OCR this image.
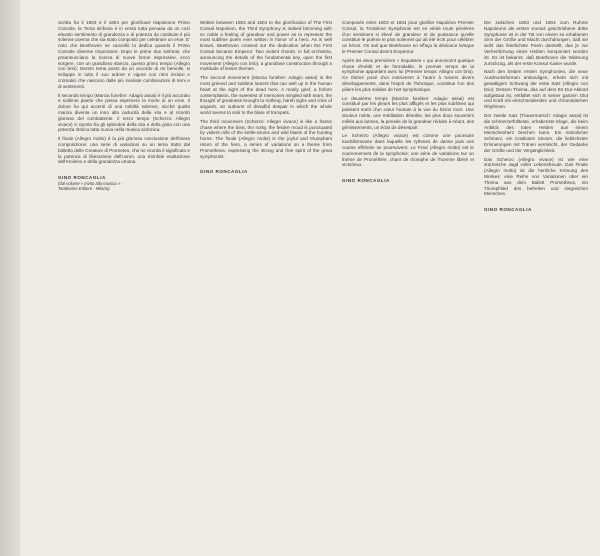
Scritta fra il 1803 e il 1804 per glorificare Napoleone Primo Console, la Terza sinfonia è in verità tutta pervasa da un così elevato sentimento di grandezza e di potenza da costituire il più solenne poema che sia stato composto per celebrare un eroe. E' noto che Beethoven ne cancellò la dedica quando il Primo Console divenne Imperatore. Dopo le prime due sinfonie, che preannunciano la ricerca di nuove forme espressive, ecco sorgere, con un grandioso slancio, questo primo tempo (Allegro con brio): Dentro tema posto da un accordo di mi bemolle, si sviluppa in tutto il suo ardore e vigore con ritmi incisivi e cromatici che nascono dalle più svariate combinazioni di temi e di sentimenti.

Il secondo tempo (Marcia funebre: Adagio assai) è il più accorato e sublime pianto che possa esprimere la morte di un eroe. Il dolore ha qui accenti di una nobiltà solenne, sicché quella marcia diventa un inno alla caducità della vita e al ricordo glorioso del combattente. Il terzo tempo (Scherzo: Allegro vivace) ci riporta fra gli splendori della vita e della gioia con una potenza ritmica tutta nuova nella musica sinfonica.

Il finale (Allegro molto) è la più gloriosa conclusione dell'intera composizione: una serie di variazioni su un tema tratto dal balletto delle Creature di Prometeo, che ne ricorda il significato e la potenza di liberazione dell'uomo, una trionfale esaltazione dell'eroismo e della grandezza umana.

GINO RONCAGLIA
(dal volume « Invito alla musica » -
Tamborino Editore - Milano)

Written between 1803 and 1804 to the glorification of The First Consul Napoleon, the Third Symphony is indeed brimming with so noble a feeling of grandeur and power as to represent the most sublime poem ever written in honor of a hero. As is well known, Beethoven crossed out the dedication when the First Consul became Emperor. Two violent chords, in full orchestra, announcing the details of the fundamental key, open the first movement (Allegro con brio), a grandiose construction through a multitude of lesser themes.

The second movement (Marcia funebre: Adagio assai) is the most grieved and sublime lament that can well up in the human heart at the sight of the dead hero. A manly grief, a forlorn contemplation, the sweetest of memories mingled with tears, the thought of greatness brought to nothing, harsh sighs and cries of anguish, an outburst of dreadful despair in which the whole world seems to sink to the blare of trumpets.

The third movement (Scherzo: Allegro vivace) is like a frantic chase where the beat, the noisy, the festive mood is punctuated by violent rolls of the kettle-drums and wild blasts of the hunting horns. The finale (Allegro molto) is the joyful and triumphant return of the hero, a series of variations on a theme from Prometheus, expressing the strong and free spirit of the great symphonist.

GINO RONCAGLIA

Composée entre 1803 et 1804 pour glorifier Napoléon Premier Consul, la Troisième Symphonie est en vérité toute pénétrée d'un sentiment si élevé de grandeur et de puissance qu'elle constitue le poème le plus solennel qui ait été écrit pour célébrer un héros. On sait que Beethoven en effaça la dédicace lorsque le Premier Consul devint Empereur.

Après les deux premières « ésquisses » qui annoncent quelque chose d'inédit et de formidable, le premier temps de la symphonie appartient avec lui (Premier temps: Allegro con brio). Ce thème posé d'un instrument à l'autre à travers divers développements, dans l'esprit de l'héroïque, constitue l'un des piliers les plus solides de l'art symphonique.

Le deuxième temps (Marche funèbre: Adagio assai) est constitué par les pleurs les plus affligés et les plus sublimes qui puissent sortir d'un cœur humain à la vue du héros mort. Une douleur noble, une méditation désolée, les plus doux souvenirs mêlés aux larmes, la pensée de la grandeur réduite à néant, des gémissements, un éclat de désespoir.

Le Scherzo (Allegro vivace) est comme une poursuite tourbillonnante dans laquelle les rythmes de danse puis une course effrénée se poursuivent. Le Final (Allegro molto) est le couronnement de la symphonie; une série de variations sur un thème de Prométhée, chant de triomphe de l'homme libéré et victorieux.

GINO RONCAGLIA

Die zwischen 1803 und 1804 zum Ruhme Napoleons als ersten Konsul geschriebene dritte Symphonie ist in der Tat von einem so erhabenen Sinn der Größe und Macht durchdrungen, daß sie wohl das feierlichste Poem darstellt, das je zur Verherrlichung eines Helden komponiert worden ist. Es ist bekannt, daß Beethoven die Widmung zurückzog, als der erste Konsul Kaiser wurde.

Nach den beiden ersten Symphonien, die neue Ausdrucksformen ankündigen, erhebt sich mit gewaltigem Schwung der erste Satz (Allegro con brio): Dessen Thema, das auf dem Es-Dur-Akkord aufgebaut ist, entfaltet sich in seiner ganzen Glut und Kraft mit einschneidenden und chromatischen Rhythmen.

Der zweite Satz (Trauermarsch: Adagio assai) ist die schmerzerfüllteste, erhabenste Klage, die beim Anblick des toten Helden aus einem Menschenherz brechen kann. Ein männlicher Schmerz, ein trostloses Sinnen, die lieblichsten Erinnerungen mit Tränen vermischt, der Gedanke der Größe und der Vergänglichkeit.

Das Scherzo (Allegro vivace) ist wie eine stürmische Jagd voller Lebensfreude. Das Finale (Allegro molto) ist die herrliche Krönung des Werkes: eine Reihe von Variationen über ein Thema aus dem Ballett Prometheus, ein Triumphlied des befreiten und siegreichen Menschen.

GINO RONCAGLIA
